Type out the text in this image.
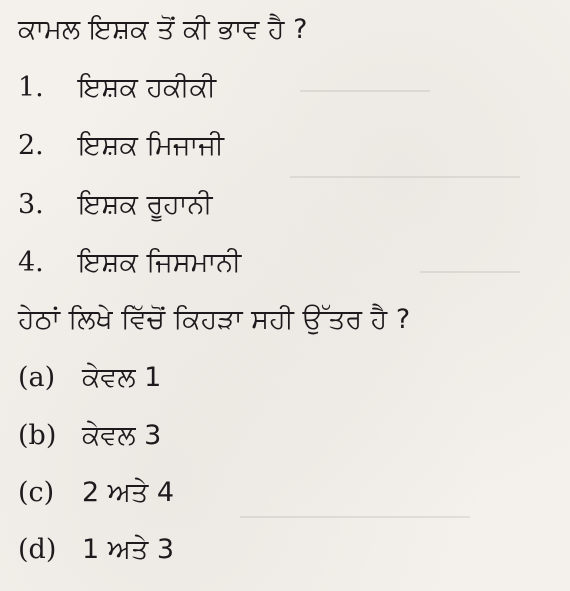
ਕਾਮਲ ਇਸ਼ਕ ਤੋਂ ਕੀ ਭਾਵ ਹੈ ?
1. ਇਸ਼ਕ ਹਕੀਕੀ
2. ਇਸ਼ਕ ਮਿਜਾਜੀ
3. ਇਸ਼ਕ ਰੂਹਾਨੀ
4. ਇਸ਼ਕ ਜਿਸਮਾਨੀ
ਹੇਠਾਂ ਲਿਖੇ ਵਿੱਚੋਂ ਕਿਹੜਾ ਸਹੀ ਉੱਤਰ ਹੈ ?
(a) ਕੇਵਲ 1
(b) ਕੇਵਲ 3
(c) 2 ਅਤੇ 4
(d) 1 ਅਤੇ 3
